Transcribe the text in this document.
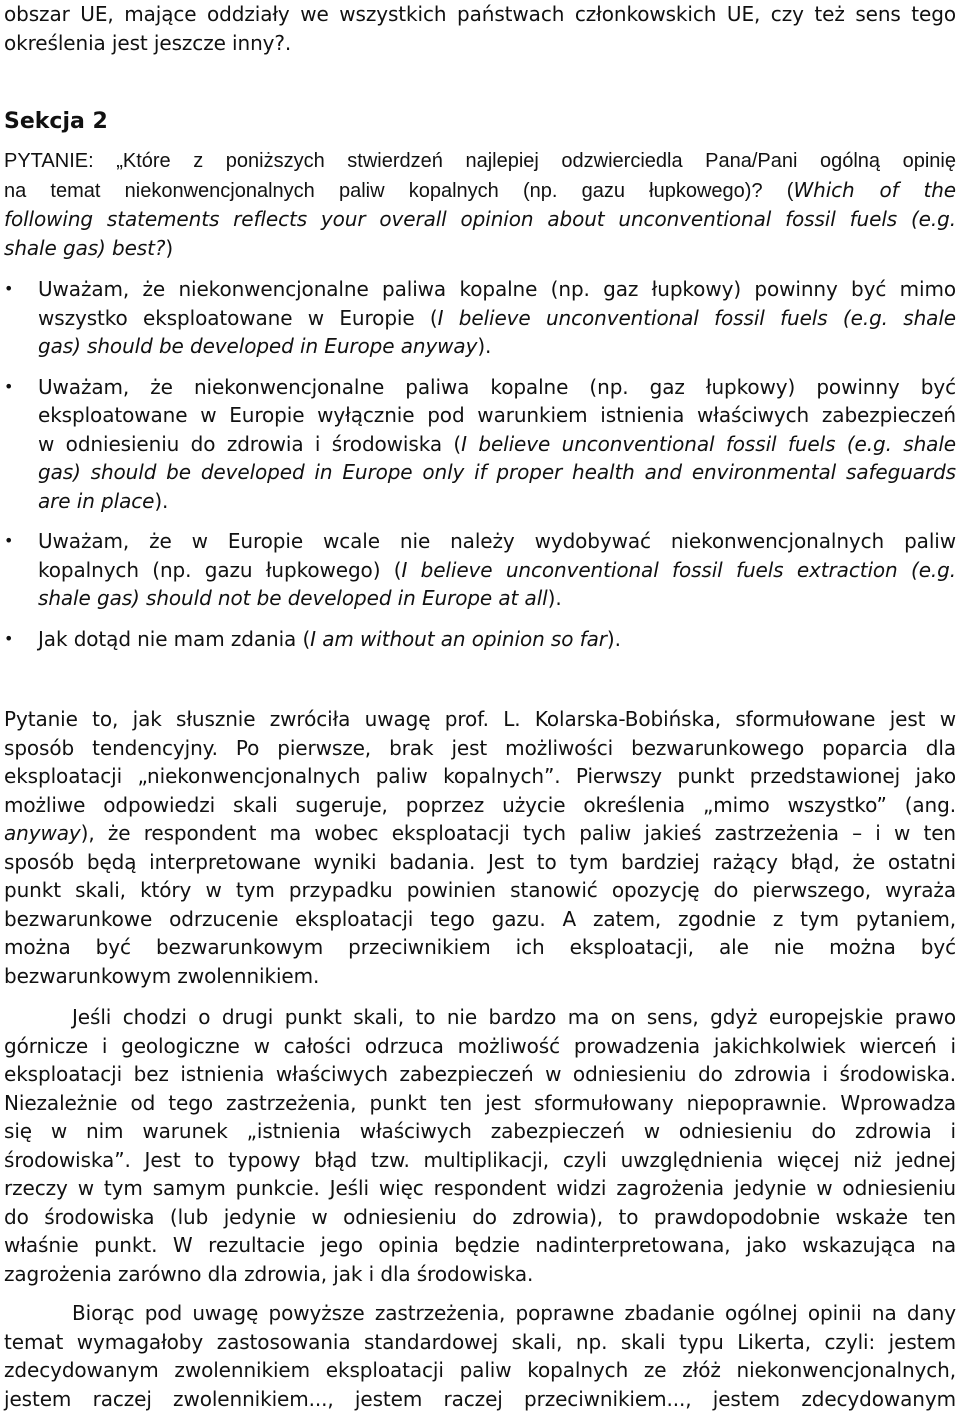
obszar UE, mające oddziały we wszystkich państwach członkowskich UE, czy też sens tego
określenia jest jeszcze inny?.
Sekcja 2
PYTANIE: „Które z poniższych stwierdzeń najlepiej odzwierciedla Pana/Pani ogólną opinię
na temat niekonwencjonalnych paliw kopalnych (np. gazu łupkowego)? (Which of the
following statements reflects your overall opinion about unconventional fossil fuels (e.g.
shale gas) best?)
•	Uważam, że niekonwencjonalne paliwa kopalne (np. gaz łupkowy) powinny być mimo
wszystko eksploatowane w Europie (I believe unconventional fossil fuels (e.g. shale
gas) should be developed in Europe anyway).
•	Uważam, że niekonwencjonalne paliwa kopalne (np. gaz łupkowy) powinny być
eksploatowane w Europie wyłącznie pod warunkiem istnienia właściwych zabezpieczeń
w odniesieniu do zdrowia i środowiska (I believe unconventional fossil fuels (e.g. shale
gas) should be developed in Europe only if proper health and environmental safeguards
are in place).
•	Uważam, że w Europie wcale nie należy wydobywać niekonwencjonalnych paliw
kopalnych (np. gazu łupkowego) (I believe unconventional fossil fuels extraction (e.g.
shale gas) should not be developed in Europe at all).
•	Jak dotąd nie mam zdania (I am without an opinion so far).
Pytanie to, jak słusznie zwróciła uwagę prof. L. Kolarska-Bobińska, sformułowane jest w
sposób tendencyjny. Po pierwsze, brak jest możliwości bezwarunkowego poparcia dla
eksploatacji „niekonwencjonalnych paliw kopalnych”. Pierwszy punkt przedstawionej jako
możliwe odpowiedzi skali sugeruje, poprzez użycie określenia „mimo wszystko” (ang.
anyway), że respondent ma wobec eksploatacji tych paliw jakieś zastrzeżenia – i w ten
sposób będą interpretowane wyniki badania. Jest to tym bardziej rażący błąd, że ostatni
punkt skali, który w tym przypadku powinien stanowić opozycję do pierwszego, wyraża
bezwarunkowe odrzucenie eksploatacji tego gazu. A zatem, zgodnie z tym pytaniem,
można być bezwarunkowym przeciwnikiem ich eksploatacji, ale nie można być
bezwarunkowym zwolennikiem.
Jeśli chodzi o drugi punkt skali, to nie bardzo ma on sens, gdyż europejskie prawo
górnicze i geologiczne w całości odrzuca możliwość prowadzenia jakichkolwiek wierceń i
eksploatacji bez istnienia właściwych zabezpieczeń w odniesieniu do zdrowia i środowiska.
Niezależnie od tego zastrzeżenia, punkt ten jest sformułowany niepoprawnie. Wprowadza
się w nim warunek „istnienia właściwych zabezpieczeń w odniesieniu do zdrowia i
środowiska”. Jest to typowy błąd tzw. multiplikacji, czyli uwzględnienia więcej niż jednej
rzeczy w tym samym punkcie. Jeśli więc respondent widzi zagrożenia jedynie w odniesieniu
do środowiska (lub jedynie w odniesieniu do zdrowia), to prawdopodobnie wskaże ten
właśnie punkt. W rezultacie jego opinia będzie nadinterpretowana, jako wskazująca na
zagrożenia zarówno dla zdrowia, jak i dla środowiska.
Biorąc pod uwagę powyższe zastrzeżenia, poprawne zbadanie ogólnej opinii na dany
temat wymagałoby zastosowania standardowej skali, np. skali typu Likerta, czyli: jestem
zdecydowanym zwolennikiem eksploatacji paliw kopalnych ze złóż niekonwencjonalnych,
jestem raczej zwolennikiem..., jestem raczej przeciwnikiem..., jestem zdecydowanym
